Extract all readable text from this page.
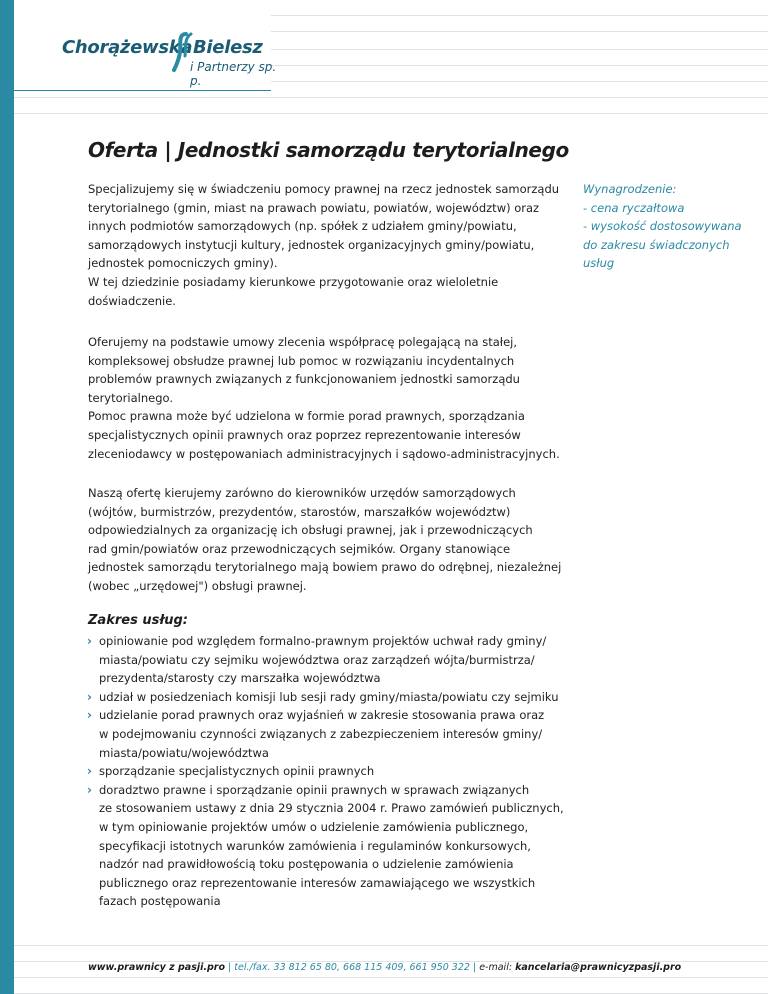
Chorążewska Bielesz
i Partnerzy sp. p.
Oferta | Jednostki samorządu terytorialnego
Specjalizujemy się w świadczeniu pomocy prawnej na rzecz jednostek samorządu
terytorialnego (gmin, miast na prawach powiatu, powiatów, województw) oraz
innych podmiotów samorządowych (np. spółek z udziałem gminy/powiatu,
samorządowych instytucji kultury, jednostek organizacyjnych gminy/powiatu,
jednostek pomocniczych gminy).
W tej dziedzinie posiadamy kierunkowe przygotowanie oraz wieloletnie
doświadczenie.
Wynagrodzenie:
- cena ryczałtowa
- wysokość dostosowywana
do zakresu świadczonych
usług
Oferujemy na podstawie umowy zlecenia współpracę polegającą na stałej,
kompleksowej obsłudze prawnej lub pomoc w rozwiązaniu incydentalnych
problemów prawnych związanych z funkcjonowaniem jednostki samorządu
terytorialnego.
Pomoc prawna może być udzielona w formie porad prawnych, sporządzania
specjalistycznych opinii prawnych oraz poprzez reprezentowanie interesów
zleceniodawcy w postępowaniach administracyjnych i sądowo-administracyjnych.
Naszą ofertę kierujemy zarówno do kierowników urzędów samorządowych
(wójtów, burmistrzów, prezydentów, starostów, marszałków województw)
odpowiedzialnych za organizację ich obsługi prawnej, jak i przewodniczących
rad gmin/powiatów oraz przewodniczących sejmików. Organy stanowiące
jednostek samorządu terytorialnego mają bowiem prawo do odrębnej, niezależnej
(wobec „urzędowej") obsługi prawnej.
Zakres usług:
› opiniowanie pod względem formalno-prawnym projektów uchwał rady gminy/
miasta/powiatu czy sejmiku województwa oraz zarządzeń wójta/burmistrza/
prezydenta/starosty czy marszałka województwa
› udział w posiedzeniach komisji lub sesji rady gminy/miasta/powiatu czy sejmiku
› udzielanie porad prawnych oraz wyjaśnień w zakresie stosowania prawa oraz
w podejmowaniu czynności związanych z zabezpieczeniem interesów gminy/
miasta/powiatu/województwa
› sporządzanie specjalistycznych opinii prawnych
› doradztwo prawne i sporządzanie opinii prawnych w sprawach związanych
ze stosowaniem ustawy z dnia 29 stycznia 2004 r. Prawo zamówień publicznych,
w tym opiniowanie projektów umów o udzielenie zamówienia publicznego,
specyfikacji istotnych warunków zamówienia i regulaminów konkursowych,
nadzór nad prawidłowością toku postępowania o udzielenie zamówienia
publicznego oraz reprezentowanie interesów zamawiającego we wszystkich
fazach postępowania
www.prawnicy z pasji.pro | tel./fax. 33 812 65 80, 668 115 409, 661 950 322 | e-mail: kancelaria@prawnicyzpasji.pro
